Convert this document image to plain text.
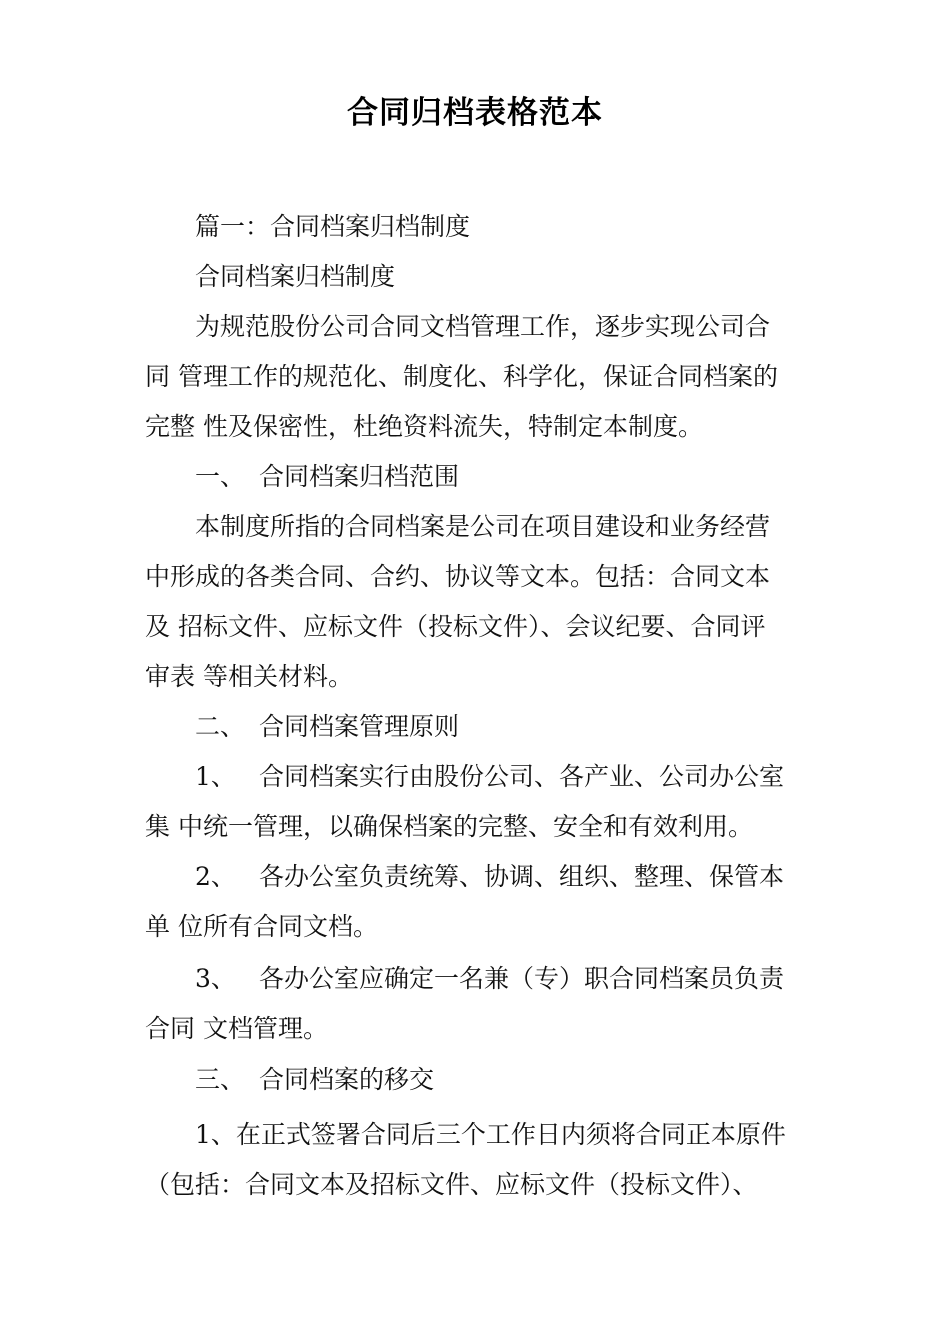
合同归档表格范本
篇一：合同档案归档制度
合同档案归档制度
为规范股份公司合同文档管理工作，逐步实现公司合
同 管理工作的规范化、制度化、科学化，保证合同档案的
完整 性及保密性，杜绝资料流失，特制定本制度。
一、 合同档案归档范围
本制度所指的合同档案是公司在项目建设和业务经营
中形成的各类合同、合约、协议等文本。包括：合同文本
及 招标文件、应标文件（投标文件）、会议纪要、合同评
审表 等相关材料。
二、 合同档案管理原则
1、 合同档案实行由股份公司、各产业、公司办公室
集 中统一管理，以确保档案的完整、安全和有效利用。
2、 各办公室负责统筹、协调、组织、整理、保管本
单 位所有合同文档。
3、 各办公室应确定一名兼（专）职合同档案员负责
合同 文档管理。
三、 合同档案的移交
1、在正式签署合同后三个工作日内须将合同正本原件
（包括：合同文本及招标文件、应标文件（投标文件）、
